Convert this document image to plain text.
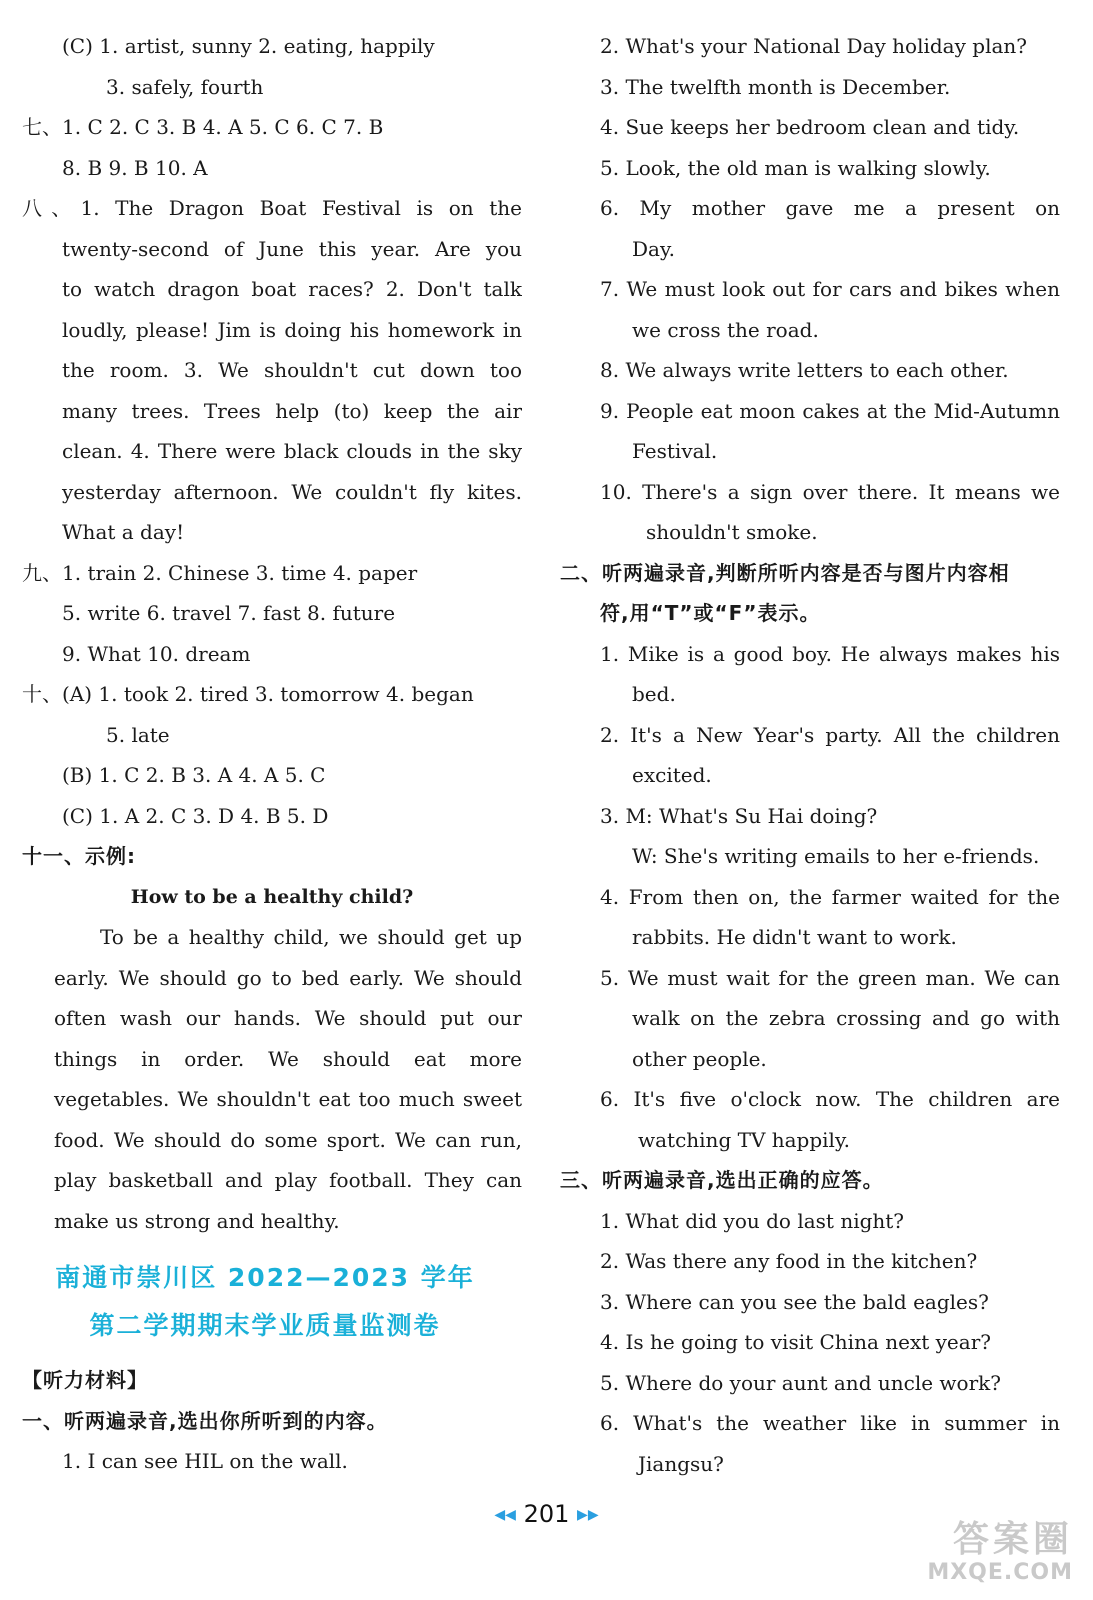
(C) 1. artist, sunny 2. eating, happily
3. safely, fourth
七、1. C 2. C 3. B 4. A 5. C 6. C 7. B
8. B 9. B 10. A
八、1. The Dragon Boat Festival is on the
twenty-second of June this year. Are you
to watch dragon boat races? 2. Don't talk
loudly, please! Jim is doing his homework in
the room. 3. We shouldn't cut down too
many trees. Trees help (to) keep the air
clean. 4. There were black clouds in the sky
yesterday afternoon. We couldn't fly kites.
What a day!
九、1. train 2. Chinese 3. time 4. paper
5. write 6. travel 7. fast 8. future
9. What 10. dream
十、(A) 1. took 2. tired 3. tomorrow 4. began
5. late
(B) 1. C 2. B 3. A 4. A 5. C
(C) 1. A 2. C 3. D 4. B 5. D
十一、示例:
How to be a healthy child?
To be a healthy child, we should get up
early. We should go to bed early. We should
often wash our hands. We should put our
things in order. We should eat more
vegetables. We shouldn't eat too much sweet
food. We should do some sport. We can run,
play basketball and play football. They can
make us strong and healthy.
南通市崇川区 2022—2023 学年
第二学期期末学业质量监测卷
【听力材料】
一、听两遍录音,选出你所听到的内容。
1. I can see HIL on the wall.
2. What's your National Day holiday plan?
3. The twelfth month is December.
4. Sue keeps her bedroom clean and tidy.
5. Look, the old man is walking slowly.
6. My mother gave me a present on
Day.
7. We must look out for cars and bikes when
we cross the road.
8. We always write letters to each other.
9. People eat moon cakes at the Mid-Autumn
Festival.
10. There's a sign over there. It means we
shouldn't smoke.
二、听两遍录音,判断所听内容是否与图片内容相
符,用“T”或“F”表示。
1. Mike is a good boy. He always makes his
bed.
2. It's a New Year's party. All the children
excited.
3. M: What's Su Hai doing?
W: She's writing emails to her e-friends.
4. From then on, the farmer waited for the
rabbits. He didn't want to work.
5. We must wait for the green man. We can
walk on the zebra crossing and go with
other people.
6. It's five o'clock now. The children are
watching TV happily.
三、听两遍录音,选出正确的应答。
1. What did you do last night?
2. Was there any food in the kitchen?
3. Where can you see the bald eagles?
4. Is he going to visit China next year?
5. Where do your aunt and uncle work?
6. What's the weather like in summer in
Jiangsu?
◀◀ 201 ▶▶
答案圈
MXQE.COM
